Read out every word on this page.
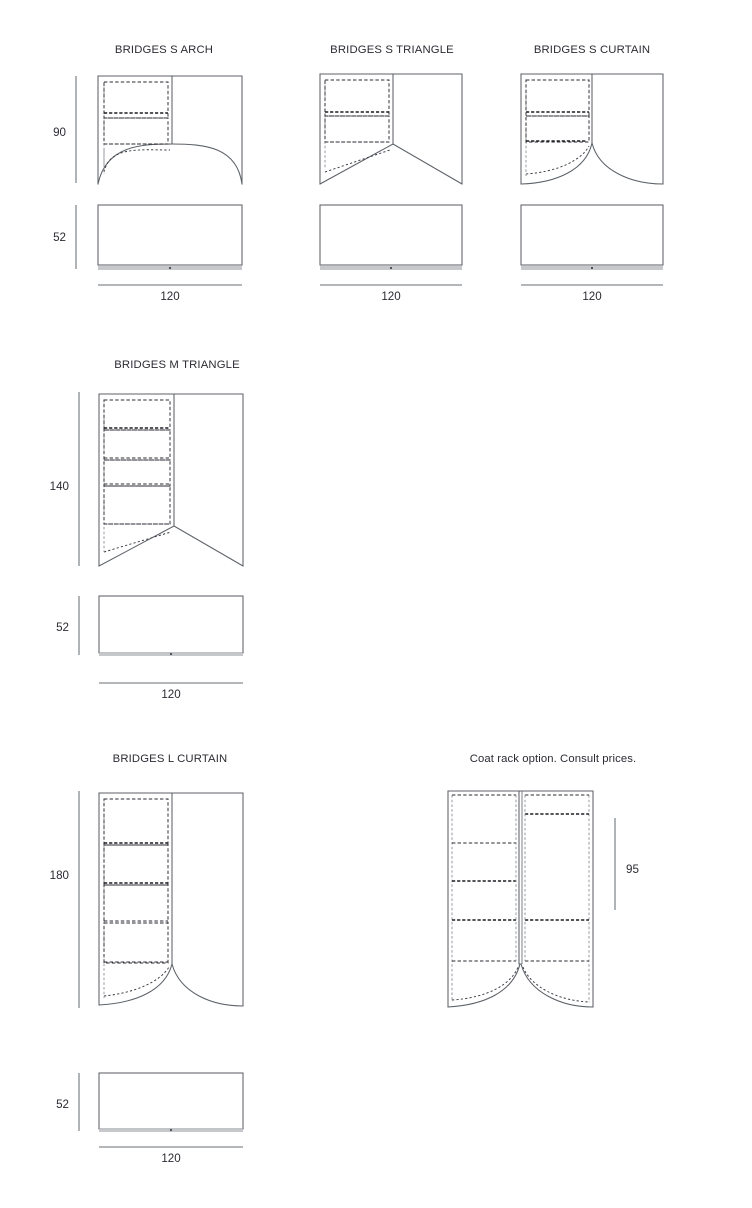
BRIDGES S ARCH	BRIDGES S TRIANGLE	BRIDGES S CURTAIN
90
52
120	120	120
BRIDGES M TRIANGLE
140
52
120
BRIDGES L CURTAIN	Coat rack option. Consult prices.
180
52
120
95
